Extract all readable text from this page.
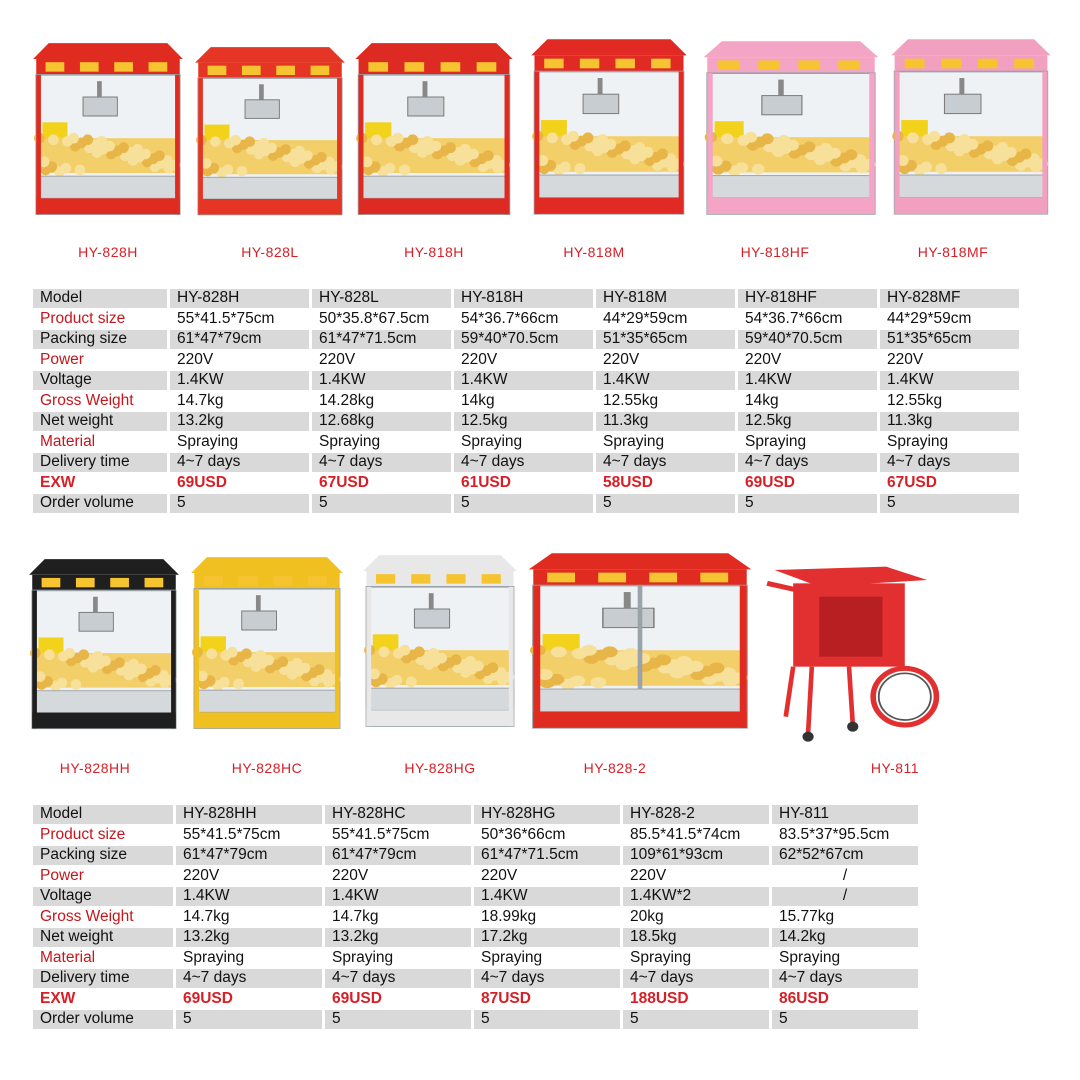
HY-828H	HY-828L	HY-818H	HY-818M	HY-818HF	HY-818MF
Model	HY-828H	HY-828L	HY-818H	HY-818M	HY-818HF	HY-828MF
Product size	55*41.5*75cm	50*35.8*67.5cm	54*36.7*66cm	44*29*59cm	54*36.7*66cm	44*29*59cm
Packing size	61*47*79cm	61*47*71.5cm	59*40*70.5cm	51*35*65cm	59*40*70.5cm	51*35*65cm
Power	220V	220V	220V	220V	220V	220V
Voltage	1.4KW	1.4KW	1.4KW	1.4KW	1.4KW	1.4KW
Gross Weight	14.7kg	14.28kg	14kg	12.55kg	14kg	12.55kg
Net weight	13.2kg	12.68kg	12.5kg	11.3kg	12.5kg	11.3kg
Material	Spraying	Spraying	Spraying	Spraying	Spraying	Spraying
Delivery time	4~7 days	4~7 days	4~7 days	4~7 days	4~7 days	4~7 days
EXW	69USD	67USD	61USD	58USD	69USD	67USD
Order volume	5	5	5	5	5	5
HY-828HH	HY-828HC	HY-828HG	HY-828-2	HY-811
Model	HY-828HH	HY-828HC	HY-828HG	HY-828-2	HY-811
Product size	55*41.5*75cm	55*41.5*75cm	50*36*66cm	85.5*41.5*74cm	83.5*37*95.5cm
Packing size	61*47*79cm	61*47*79cm	61*47*71.5cm	109*61*93cm	62*52*67cm
Power	220V	220V	220V	220V	/
Voltage	1.4KW	1.4KW	1.4KW	1.4KW*2	/
Gross Weight	14.7kg	14.7kg	18.99kg	20kg	15.77kg
Net weight	13.2kg	13.2kg	17.2kg	18.5kg	14.2kg
Material	Spraying	Spraying	Spraying	Spraying	Spraying
Delivery time	4~7 days	4~7 days	4~7 days	4~7 days	4~7 days
EXW	69USD	69USD	87USD	188USD	86USD
Order volume	5	5	5	5	5
